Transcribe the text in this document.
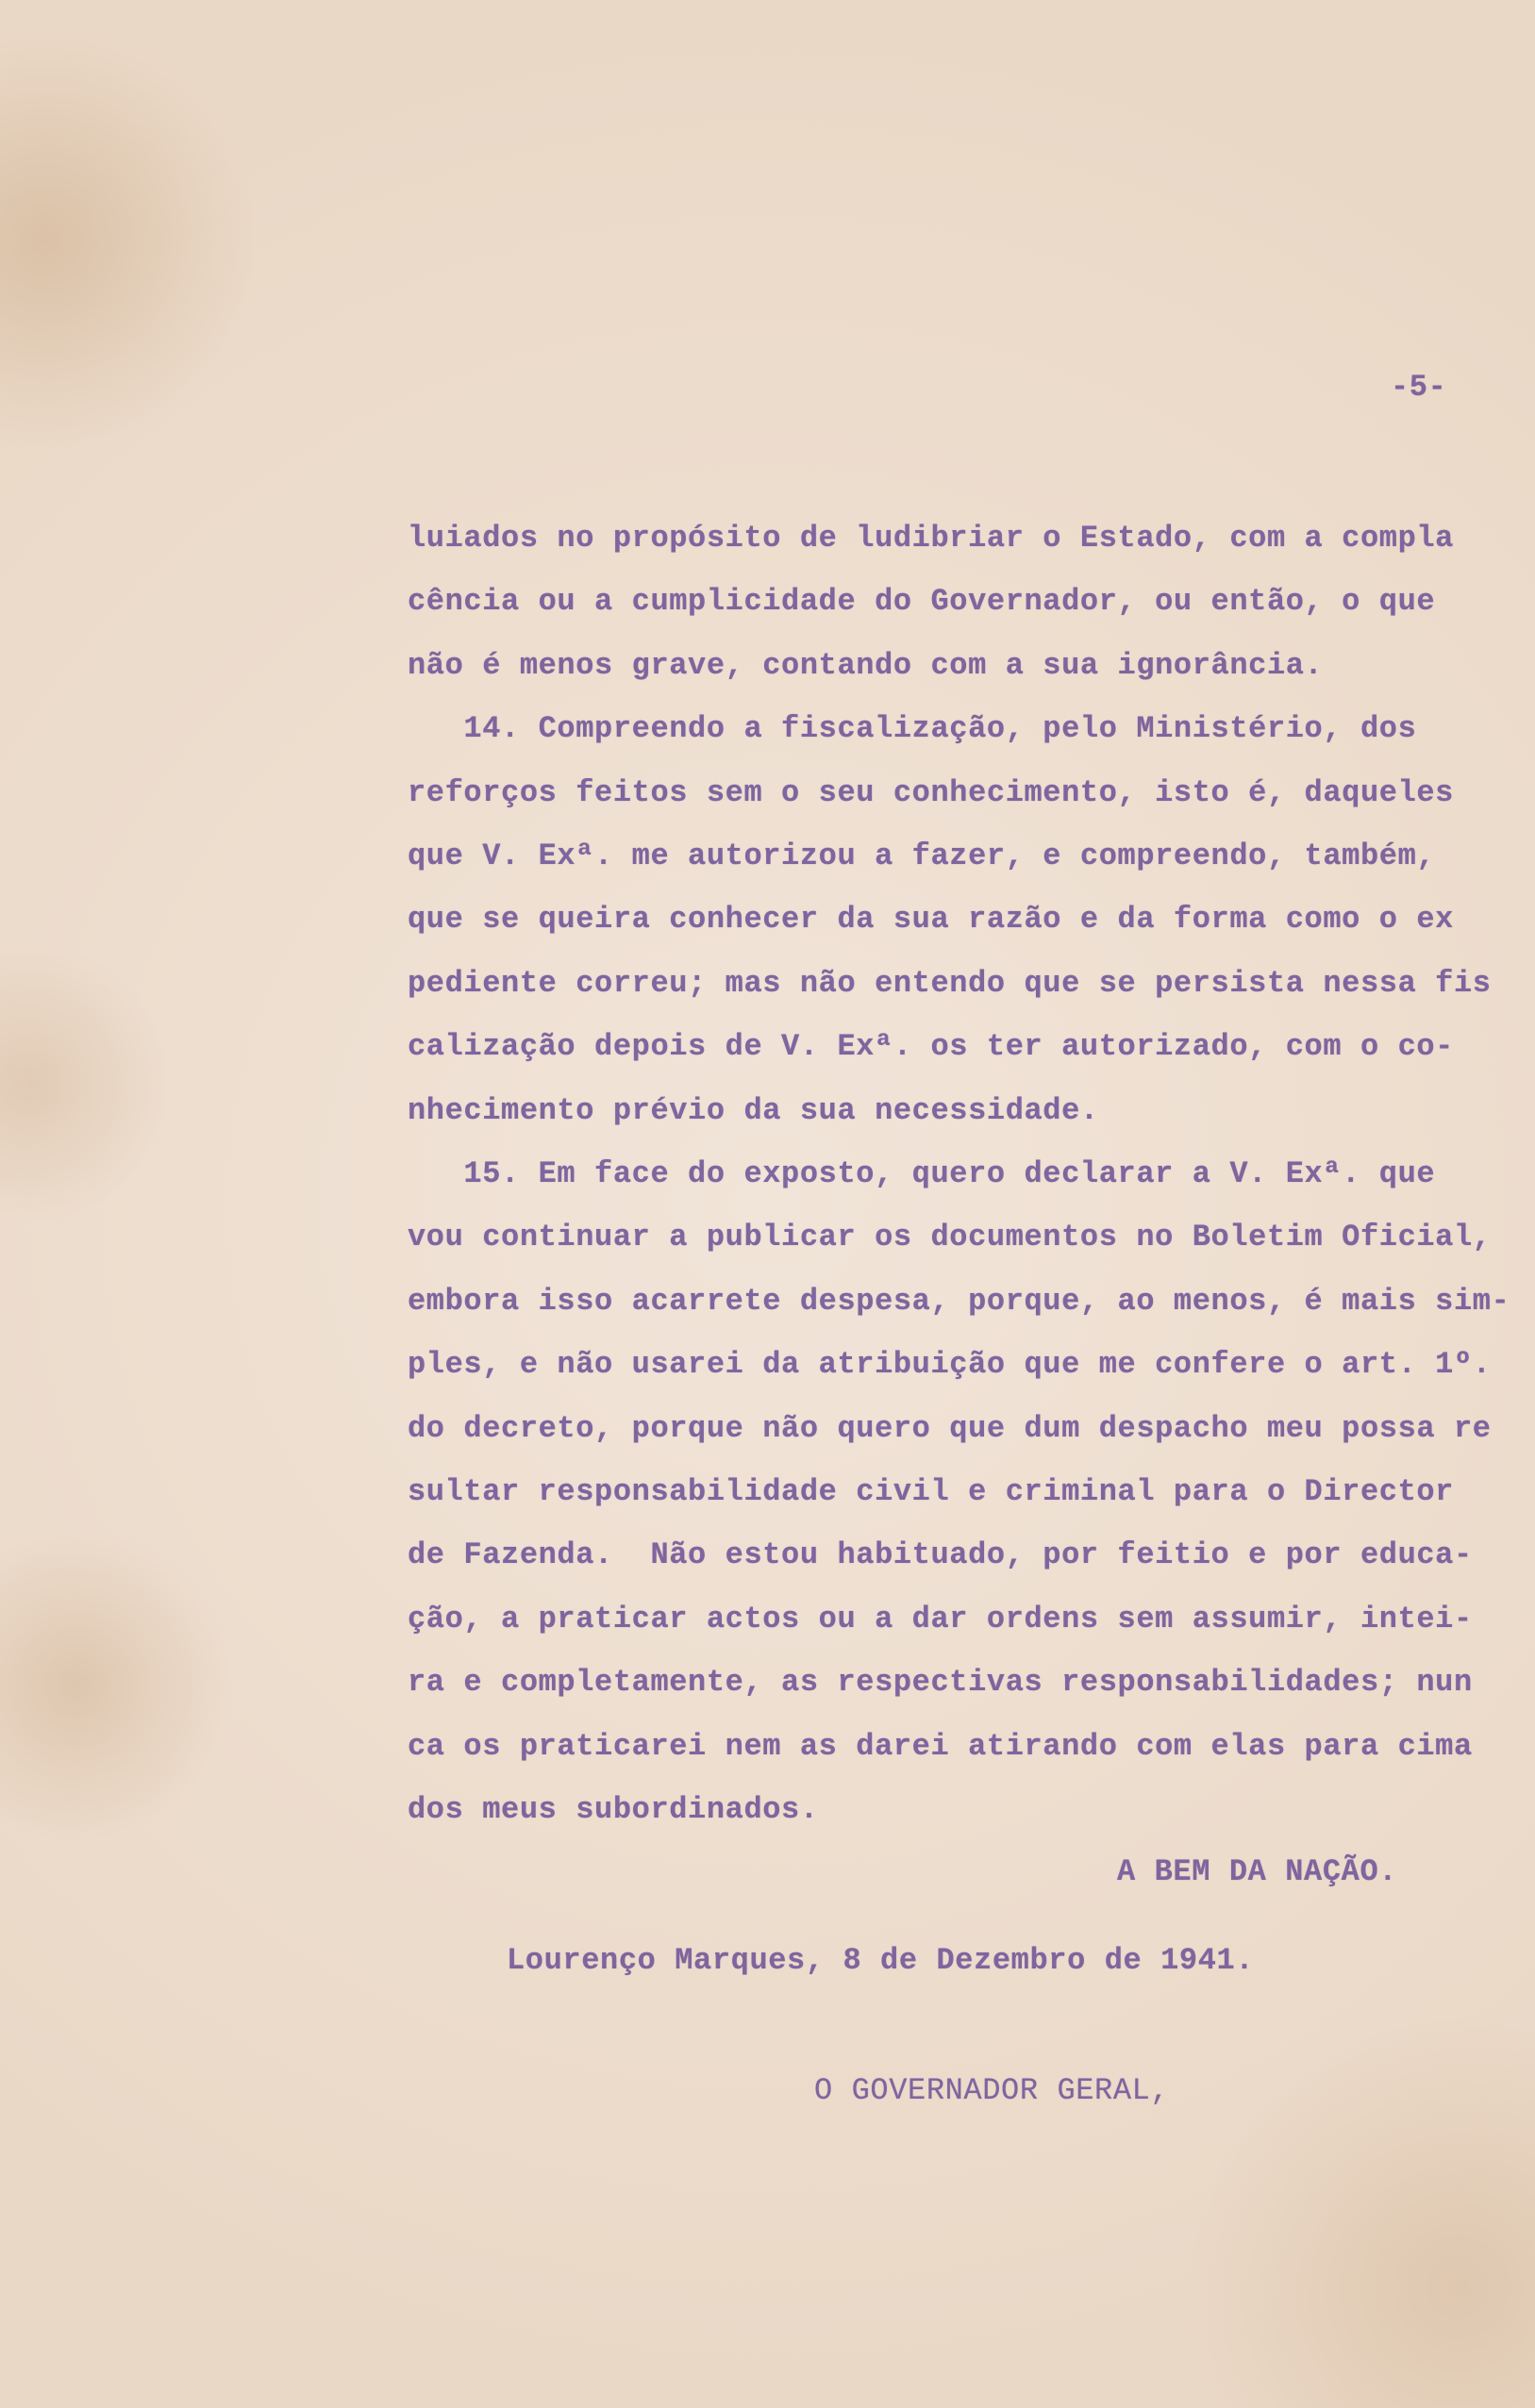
-5-
luiados no propósito de ludibriar o Estado, com a compla
cência ou a cumplicidade do Governador, ou então, o que
não é menos grave, contando com a sua ignorância.
14. Compreendo a fiscalização, pelo Ministério, dos
reforços feitos sem o seu conhecimento, isto é, daqueles
que V. Exª. me autorizou a fazer, e compreendo, também,
que se queira conhecer da sua razão e da forma como o ex
pediente correu; mas não entendo que se persista nessa fis
calização depois de V. Exª. os ter autorizado, com o co-
nhecimento prévio da sua necessidade.
15. Em face do exposto, quero declarar a V. Exª. que
vou continuar a publicar os documentos no Boletim Oficial,
embora isso acarrete despesa, porque, ao menos, é mais sim-
ples, e não usarei da atribuição que me confere o art. 1º.
do decreto, porque não quero que dum despacho meu possa re
sultar responsabilidade civil e criminal para o Director
de Fazenda.  Não estou habituado, por feitio e por educa-
ção, a praticar actos ou a dar ordens sem assumir, intei-
ra e completamente, as respectivas responsabilidades; nun
ca os praticarei nem as darei atirando com elas para cima
dos meus subordinados.
A BEM DA NAÇÃO.
Lourenço Marques, 8 de Dezembro de 1941.
O GOVERNADOR GERAL,
